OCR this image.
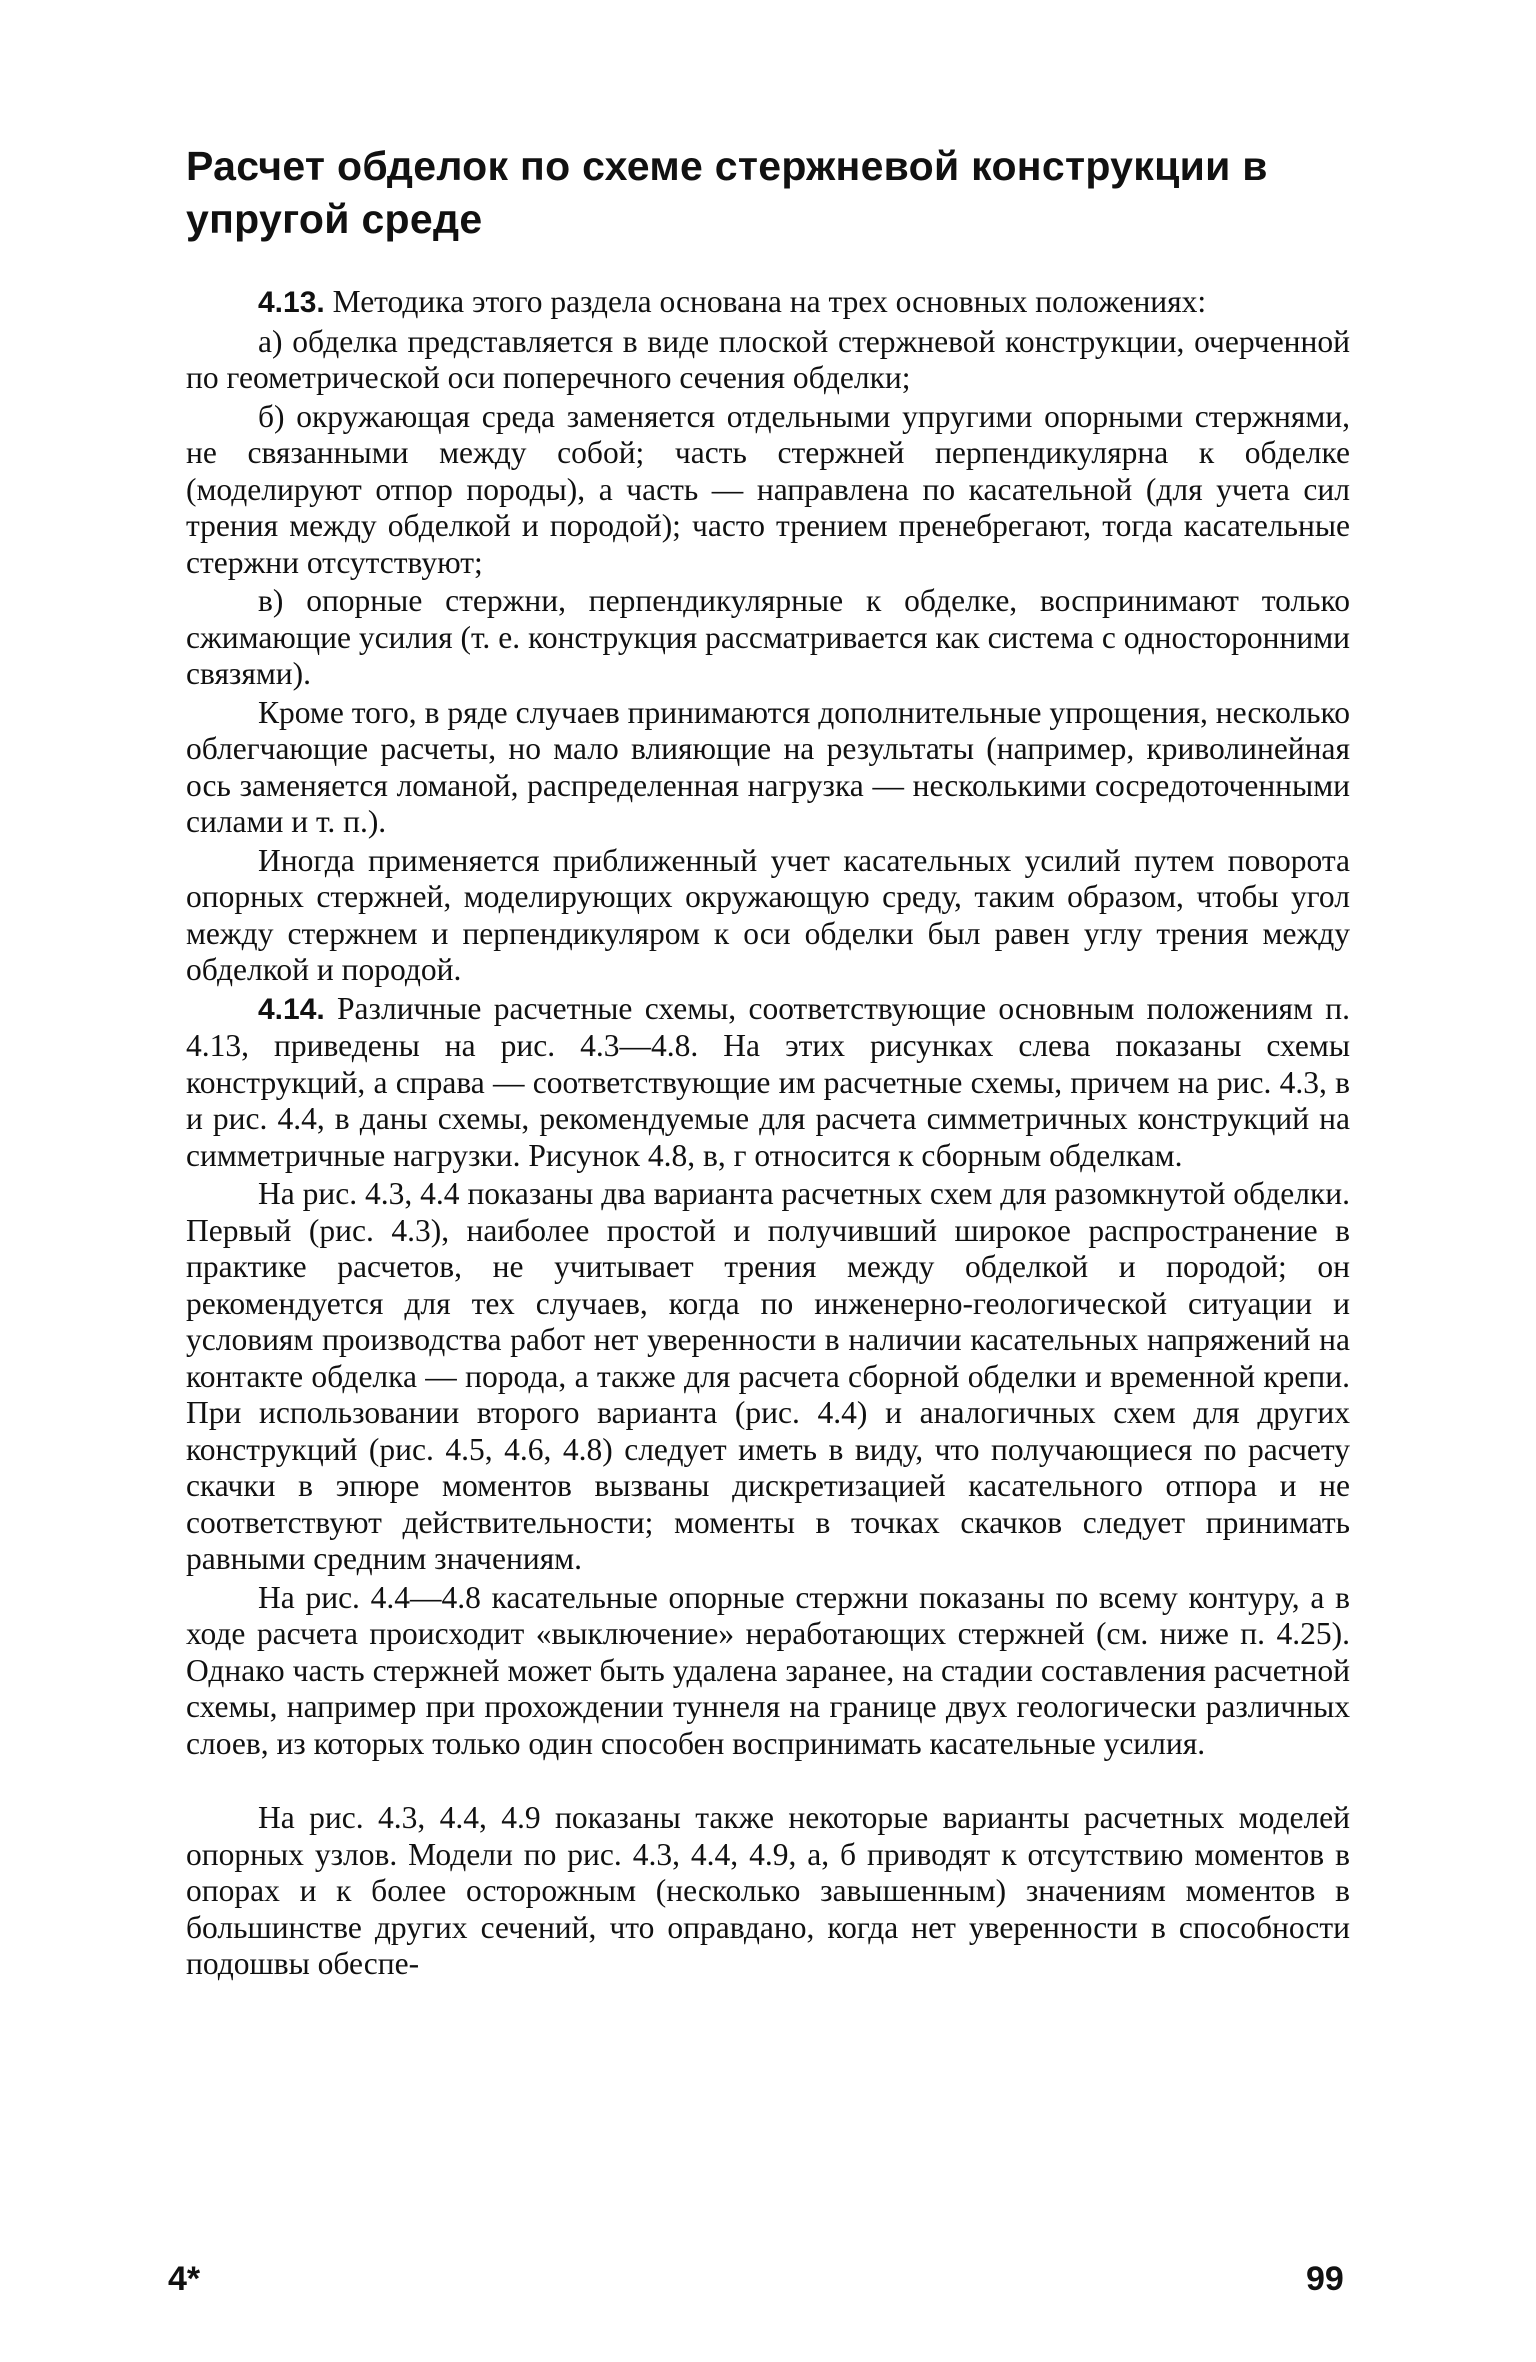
Расчет обделок по схеме стержневой конструкции в упругой среде

4.13. Методика этого раздела основана на трех основных положениях:

а) обделка представляется в виде плоской стержневой конструкции, очерченной по геометрической оси поперечного сечения обделки;

б) окружающая среда заменяется отдельными упругими опорными стержнями, не связанными между собой; часть стержней перпендикулярна к обделке (моделируют отпор породы), а часть — направлена по касательной (для учета сил трения между обделкой и породой); часто трением пренебрегают, тогда касательные стержни отсутствуют;

в) опорные стержни, перпендикулярные к обделке, воспринимают только сжимающие усилия (т. е. конструкция рассматривается как система с односторонними связями).

Кроме того, в ряде случаев принимаются дополнительные упрощения, несколько облегчающие расчеты, но мало влияющие на результаты (например, криволинейная ось заменяется ломаной, распределенная нагрузка — несколькими сосредоточенными силами и т. п.).

Иногда применяется приближенный учет касательных усилий путем поворота опорных стержней, моделирующих окружающую среду, таким образом, чтобы угол между стержнем и перпендикуляром к оси обделки был равен углу трения между обделкой и породой.

4.14. Различные расчетные схемы, соответствующие основным положениям п. 4.13, приведены на рис. 4.3—4.8. На этих рисунках слева показаны схемы конструкций, а справа — соответствующие им расчетные схемы, причем на рис. 4.3, в и рис. 4.4, в даны схемы, рекомендуемые для расчета симметричных конструкций на симметричные нагрузки. Рисунок 4.8, в, г относится к сборным обделкам.

На рис. 4.3, 4.4 показаны два варианта расчетных схем для разомкнутой обделки. Первый (рис. 4.3), наиболее простой и получивший широкое распространение в практике расчетов, не учитывает трения между обделкой и породой; он рекомендуется для тех случаев, когда по инженерно-геологической ситуации и условиям производства работ нет уверенности в наличии касательных напряжений на контакте обделка — порода, а также для расчета сборной обделки и временной крепи. При использовании второго варианта (рис. 4.4) и аналогичных схем для других конструкций (рис. 4.5, 4.6, 4.8) следует иметь в виду, что получающиеся по расчету скачки в эпюре моментов вызваны дискретизацией касательного отпора и не соответствуют действительности; моменты в точках скачков следует принимать равными средним значениям.

На рис. 4.4—4.8 касательные опорные стержни показаны по всему контуру, а в ходе расчета происходит «выключение» неработающих стержней (см. ниже п. 4.25). Однако часть стержней может быть удалена заранее, на стадии составления расчетной схемы, например при прохождении туннеля на границе двух геологически различных слоев, из которых только один способен воспринимать касательные усилия.

На рис. 4.3, 4.4, 4.9 показаны также некоторые варианты расчетных моделей опорных узлов. Модели по рис. 4.3, 4.4, 4.9, а, б приводят к отсутствию моментов в опорах и к более осторожным (несколько завышенным) значениям моментов в большинстве других сечений, что оправдано, когда нет уверенности в способности подошвы обеспе-

4*	99
